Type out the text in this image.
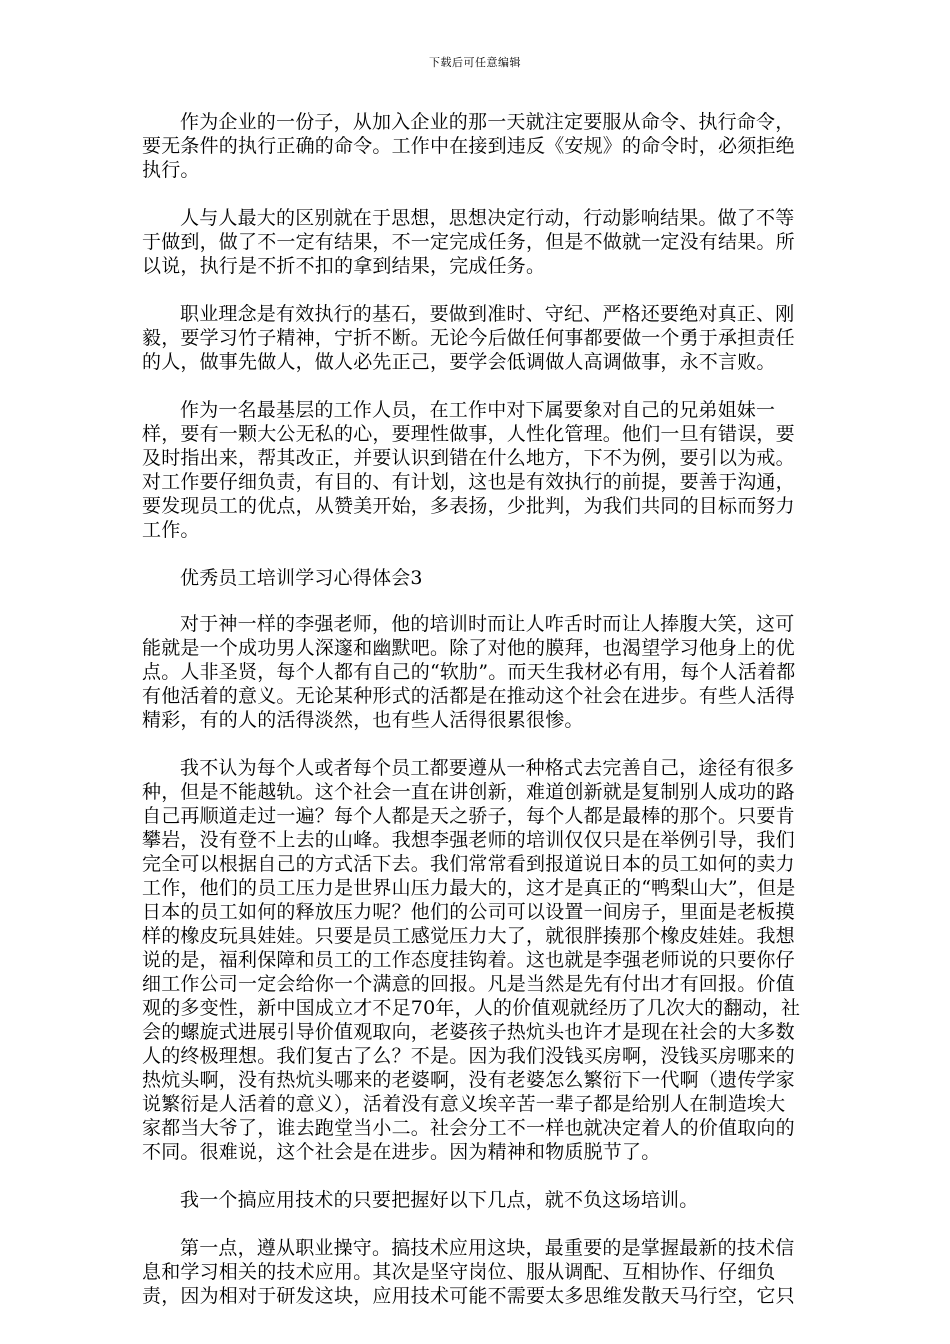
下载后可任意编辑

作为企业的一份子，从加入企业的那一天就注定要服从命令、执行命令，
要无条件的执行正确的命令。工作中在接到违反《安规》的命令时，必须拒绝
执行。

人与人最大的区别就在于思想，思想决定行动，行动影响结果。做了不等
于做到，做了不一定有结果，不一定完成任务，但是不做就一定没有结果。所
以说，执行是不折不扣的拿到结果，完成任务。

职业理念是有效执行的基石，要做到准时、守纪、严格还要绝对真正、刚
毅，要学习竹子精神，宁折不断。无论今后做任何事都要做一个勇于承担责任
的人，做事先做人，做人必先正己，要学会低调做人高调做事，永不言败。

作为一名最基层的工作人员，在工作中对下属要象对自己的兄弟姐妹一
样，要有一颗大公无私的心，要理性做事，人性化管理。他们一旦有错误，要
及时指出来，帮其改正，并要认识到错在什么地方，下不为例，要引以为戒。
对工作要仔细负责，有目的、有计划，这也是有效执行的前提，要善于沟通，
要发现员工的优点，从赞美开始，多表扬，少批判，为我们共同的目标而努力
工作。

优秀员工培训学习心得体会3

对于神一样的李强老师，他的培训时而让人咋舌时而让人捧腹大笑，这可
能就是一个成功男人深邃和幽默吧。除了对他的膜拜，也渴望学习他身上的优
点。人非圣贤，每个人都有自己的“软肋”。而天生我材必有用，每个人活着都
有他活着的意义。无论某种形式的活都是在推动这个社会在进步。有些人活得
精彩，有的人的活得淡然，也有些人活得很累很惨。

我不认为每个人或者每个员工都要遵从一种格式去完善自己，途径有很多
种，但是不能越轨。这个社会一直在讲创新，难道创新就是复制别人成功的路
自己再顺道走过一遍？每个人都是天之骄子，每个人都是最棒的那个。只要肯
攀岩，没有登不上去的山峰。我想李强老师的培训仅仅只是在举例引导，我们
完全可以根据自己的方式活下去。我们常常看到报道说日本的员工如何的卖力
工作，他们的员工压力是世界山压力最大的，这才是真正的“鸭梨山大”，但是
日本的员工如何的释放压力呢？他们的公司可以设置一间房子，里面是老板摸
样的橡皮玩具娃娃。只要是员工感觉压力大了，就很胖揍那个橡皮娃娃。我想
说的是，福利保障和员工的工作态度挂钩着。这也就是李强老师说的只要你仔
细工作公司一定会给你一个满意的回报。凡是当然是先有付出才有回报。价值
观的多变性，新中国成立才不足70年，人的价值观就经历了几次大的翻动，社
会的螺旋式进展引导价值观取向，老婆孩子热炕头也许才是现在社会的大多数
人的终极理想。我们复古了么？不是。因为我们没钱买房啊，没钱买房哪来的
热炕头啊，没有热炕头哪来的老婆啊，没有老婆怎么繁衍下一代啊（遗传学家
说繁衍是人活着的意义），活着没有意义埃辛苦一辈子都是给别人在制造埃大
家都当大爷了，谁去跑堂当小二。社会分工不一样也就决定着人的价值取向的
不同。很难说，这个社会是在进步。因为精神和物质脱节了。

我一个搞应用技术的只要把握好以下几点，就不负这场培训。

第一点，遵从职业操守。搞技术应用这块，最重要的是掌握最新的技术信
息和学习相关的技术应用。其次是坚守岗位、服从调配、互相协作、仔细负
责，因为相对于研发这块，应用技术可能不需要太多思维发散天马行空，它只
